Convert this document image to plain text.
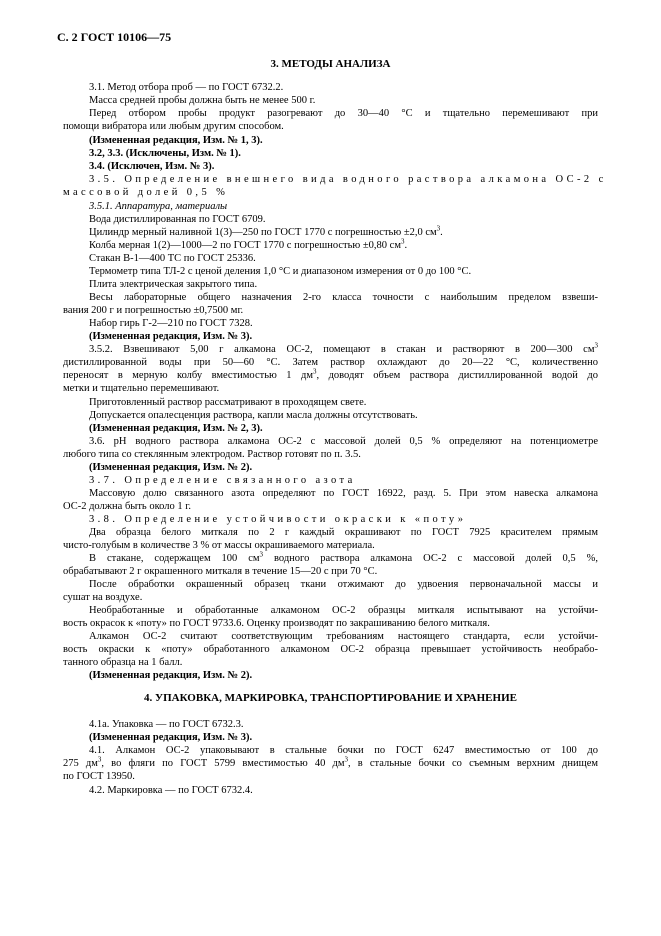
С. 2 ГОСТ 10106—75
3. МЕТОДЫ АНАЛИЗА
3.1. Метод отбора проб — по ГОСТ 6732.2.
Масса средней пробы должна быть не менее 500 г.
Перед отбором пробы продукт разогревают до 30—40 °С и тщательно перемешивают при
помощи вибратора или любым другим способом.
(Измененная редакция, Изм. № 1, 3).
3.2, 3.3. (Исключены, Изм. № 1).
3.4. (Исключен, Изм. № 3).
3.5. Определение внешнего вида водного раствора алкамона ОС-2 с
массовой долей 0,5 %
3.5.1. Аппаратура, материалы
Вода дистиллированная по ГОСТ 6709.
Цилиндр мерный наливной 1(3)—250 по ГОСТ 1770 с погрешностью ±2,0 $см^3$.
Колба мерная 1(2)—1000—2 по ГОСТ 1770 с погрешностью ±0,80 $см^3$.
Стакан В-1—400 ТС по ГОСТ 25336.
Термометр типа ТЛ-2 с ценой деления 1,0 °С и диапазоном измерения от 0 до 100 °С.
Плита электрическая закрытого типа.
Весы лабораторные общего назначения 2-го класса точности с наибольшим пределом взвеши-
вания 200 г и погрешностью ±0,7500 мг.
Набор гирь Г-2—210 по ГОСТ 7328.
(Измененная редакция, Изм. № 3).
3.5.2. Взвешивают 5,00 г алкамона ОС-2, помещают в стакан и растворяют в 200—300 $см^3$
дистиллированной воды при 50—60 °С. Затем раствор охлаждают до 20—22 °С, количественно
переносят в мерную колбу вместимостью 1 $дм^3$, доводят объем раствора дистиллированной водой до
метки и тщательно перемешивают.
Приготовленный раствор рассматривают в проходящем свете.
Допускается опалесценция раствора, капли масла должны отсутствовать.
(Измененная редакция, Изм. № 2, 3).
3.6. рН водного раствора алкамона ОС-2 с массовой долей 0,5 % определяют на потенциометре
любого типа со стеклянным электродом. Раствор готовят по п. 3.5.
(Измененная редакция, Изм. № 2).
3.7. Определение связанного азота
Массовую долю связанного азота определяют по ГОСТ 16922, разд. 5. При этом навеска алкамона
ОС-2 должна быть около 1 г.
3.8. Определение устойчивости окраски к «поту»
Два образца белого миткаля по 2 г каждый окрашивают по ГОСТ 7925 красителем прямым
чисто-голубым в количестве 3 % от массы окрашиваемого материала.
В стакане, содержащем 100 $см^3$ водного раствора алкамона ОС-2 с массовой долей 0,5 %,
обрабатывают 2 г окрашенного миткаля в течение 15—20 с при 70 °С.
После обработки окрашенный образец ткани отжимают до удвоения первоначальной массы и
сушат на воздухе.
Необработанные и обработанные алкамоном ОС-2 образцы миткаля испытывают на устойчи-
вость окрасок к «поту» по ГОСТ 9733.6. Оценку производят по закрашиванию белого миткаля.
Алкамон ОС-2 считают соответствующим требованиям настоящего стандарта, если устойчи-
вость окраски к «поту» обработанного алкамоном ОС-2 образца превышает устойчивость необрабо-
танного образца на 1 балл.
(Измененная редакция, Изм. № 2).
4. УПАКОВКА, МАРКИРОВКА, ТРАНСПОРТИРОВАНИЕ И ХРАНЕНИЕ
4.1а. Упаковка — по ГОСТ 6732.3.
(Измененная редакция, Изм. № 3).
4.1. Алкамон ОС-2 упаковывают в стальные бочки по ГОСТ 6247 вместимостью от 100 до
275 $дм^3$, во фляги по ГОСТ 5799 вместимостью 40 $дм^3$, в стальные бочки со съемным верхним днищем
по ГОСТ 13950.
4.2. Маркировка — по ГОСТ 6732.4.
